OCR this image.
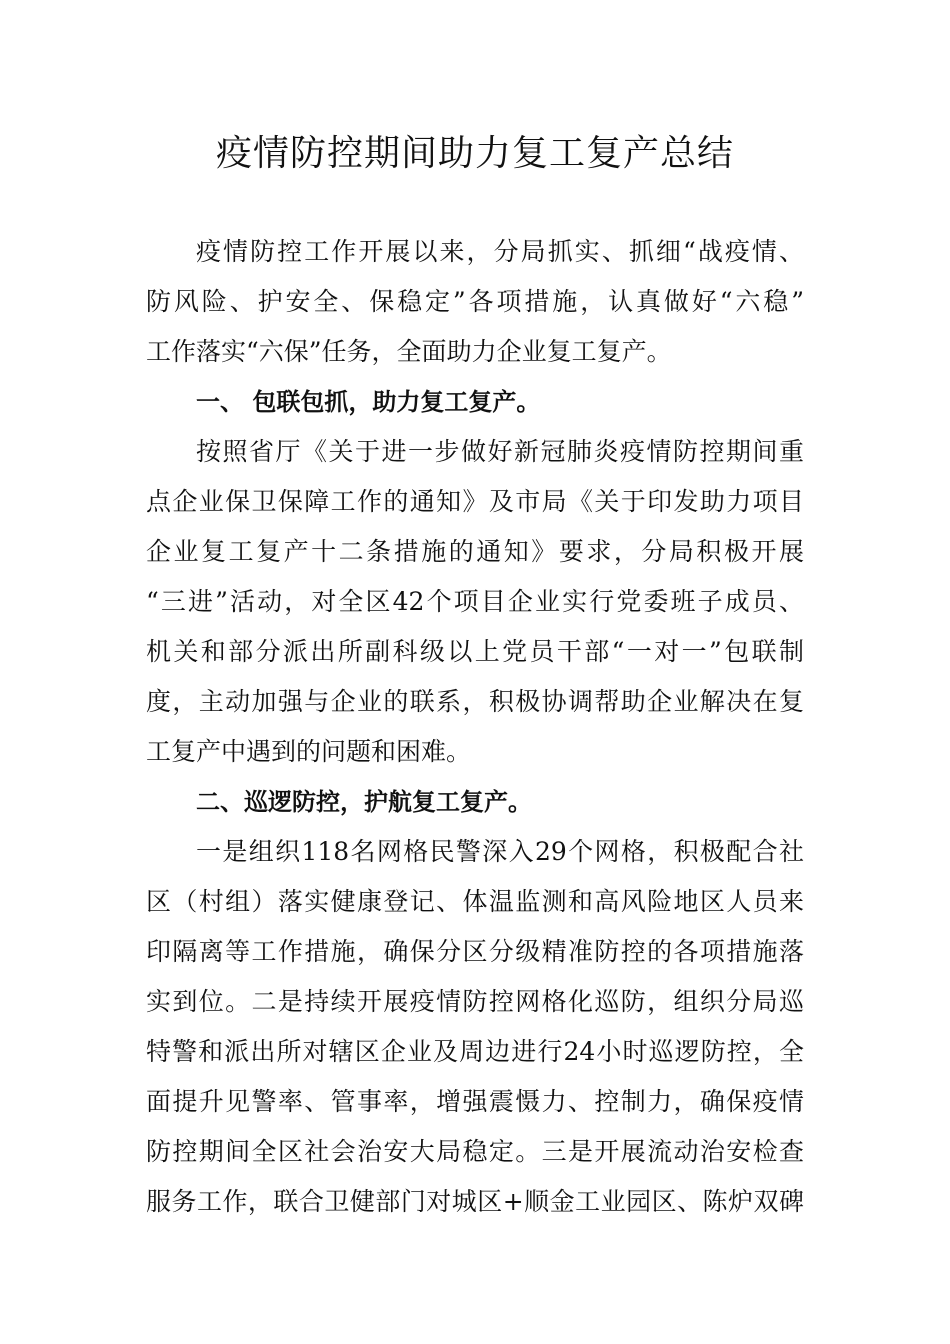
疫情防控期间助力复工复产总结

疫情防控工作开展以来，分局抓实、抓细“战疫情、

防风险、护安全、保稳定”各项措施，认真做好“六稳”

工作落实“六保”任务，全面助力企业复工复产。

一、 包联包抓，助力复工复产。

按照省厅《关于进一步做好新冠肺炎疫情防控期间重

点企业保卫保障工作的通知》及市局《关于印发助力项目

企业复工复产十二条措施的通知》要求，分局积极开展

“三进”活动，对全区42个项目企业实行党委班子成员、

机关和部分派出所副科级以上党员干部“一对一”包联制

度，主动加强与企业的联系，积极协调帮助企业解决在复

工复产中遇到的问题和困难。

二、巡逻防控，护航复工复产。

一是组织118名网格民警深入29个网格，积极配合社

区（村组）落实健康登记、体温监测和高风险地区人员来

印隔离等工作措施，确保分区分级精准防控的各项措施落

实到位。二是持续开展疫情防控网格化巡防，组织分局巡

特警和派出所对辖区企业及周边进行24小时巡逻防控，全

面提升见警率、管事率，增强震慑力、控制力，确保疫情

防控期间全区社会治安大局稳定。三是开展流动治安检查

服务工作，联合卫健部门对城区+顺金工业园区、陈炉双碑
